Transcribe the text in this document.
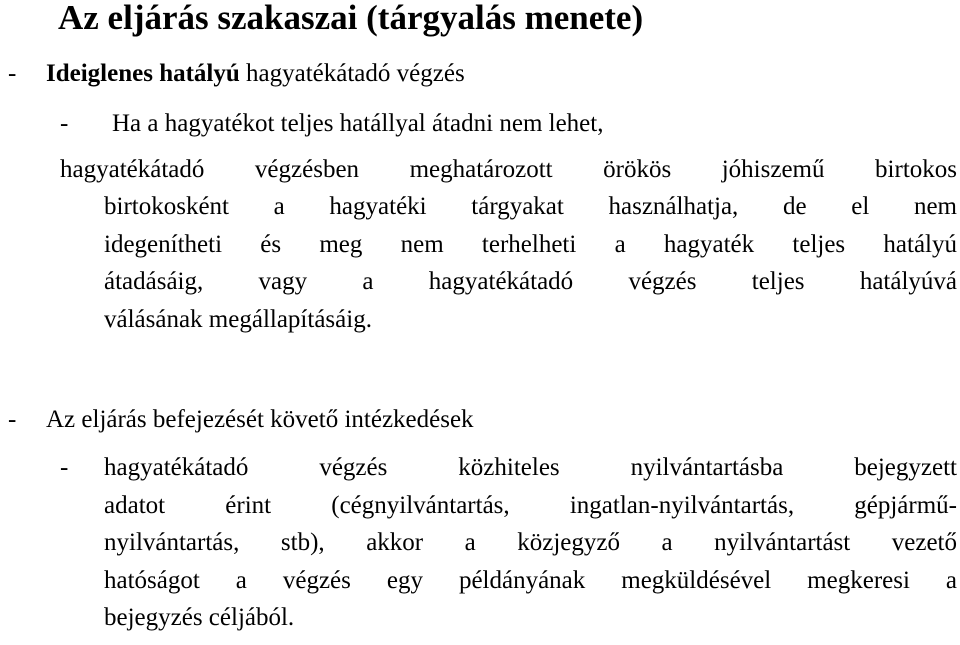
Az eljárás szakaszai (tárgyalás menete)
- Ideiglenes hatályú hagyatékátadó végzés
- Ha a hagyatékot teljes hatállyal átadni nem lehet,
hagyatékátadó végzésben meghatározott örökös jóhiszemű birtokos
birtokosként a hagyatéki tárgyakat használhatja, de el nem
idegenítheti és meg nem terhelheti a hagyaték teljes hatályú
átadásáig, vagy a hagyatékátadó végzés teljes hatályúvá
válásának megállapításáig.
- Az eljárás befejezését követő intézkedések
- hagyatékátadó végzés közhiteles nyilvántartásba bejegyzett
adatot érint (cégnyilvántartás, ingatlan-nyilvántartás, gépjármű-
nyilvántartás, stb), akkor a közjegyző a nyilvántartást vezető
hatóságot a végzés egy példányának megküldésével megkeresi a
bejegyzés céljából.
